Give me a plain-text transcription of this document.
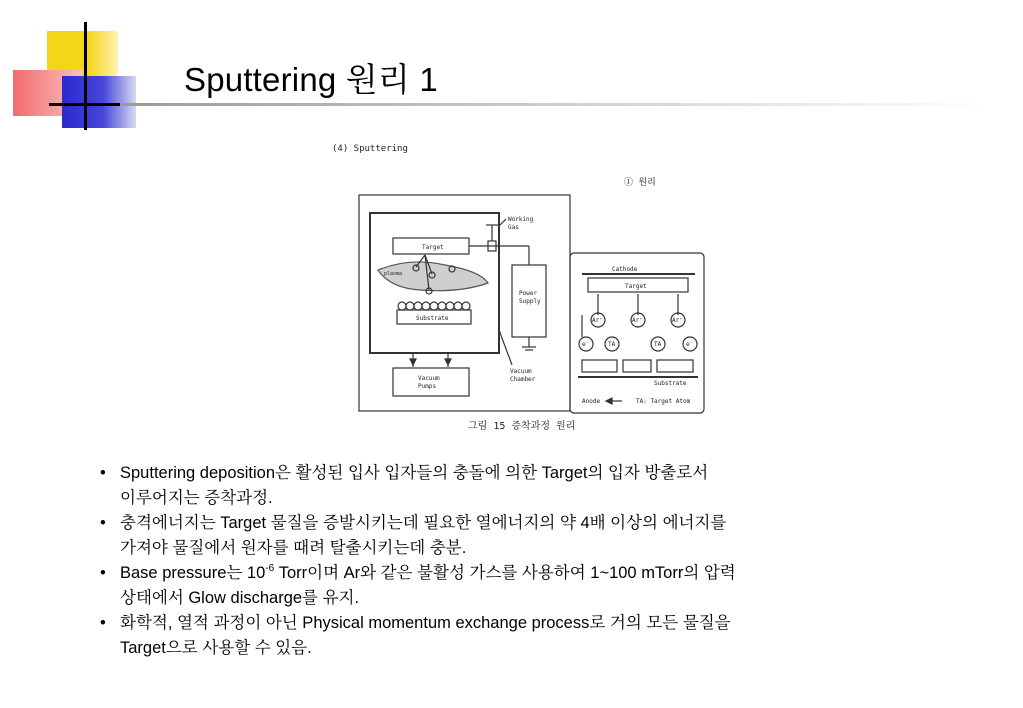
Sputtering 원리 1
(4) Sputtering
① 원리
그림 15 증착과정 원리
Working
Gas
Target
plasma
Substrate
Power
Supply
Vacuum
Chamber
Vacuum
Pumps
Cathode
Target
Ar⁺	Ar⁺	Ar⁺
e⁻	TA	TA	e⁻
Substrate
Anode	TA: Target Atom
• Sputtering deposition은 활성된 입사 입자들의 충돌에 의한 Target의 입자 방출로서
이루어지는 증착과정.
• 충격에너지는 Target 물질을 증발시키는데 필요한 열에너지의 약 4배 이상의 에너지를
가져야 물질에서 원자를 때려 탈출시키는데 충분.
• Base pressure는 $10^{-6}$ Torr이며 Ar와 같은 불활성 가스를 사용하여 1~100 mTorr의 압력
상태에서 Glow discharge를 유지.
• 화학적, 열적 과정이 아닌 Physical momentum exchange process로 거의 모든 물질을
Target으로 사용할 수 있음.
